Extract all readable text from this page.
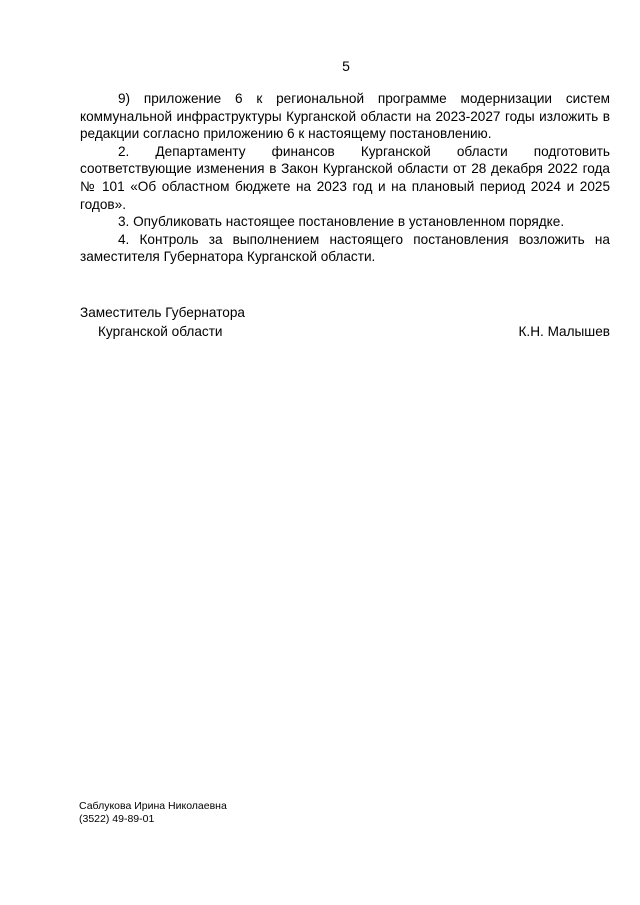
5

9) приложение 6 к региональной программе модернизации систем коммунальной инфраструктуры Курганской области на 2023-2027 годы изложить в редакции согласно приложению 6 к настоящему постановлению.

2. Департаменту финансов Курганской области подготовить соответствующие изменения в Закон Курганской области от 28 декабря 2022 года № 101 «Об областном бюджете на 2023 год и на плановый период 2024 и 2025 годов».

3. Опубликовать настоящее постановление в установленном порядке.

4. Контроль за выполнением настоящего постановления возложить на заместителя Губернатора Курганской области.

Заместитель Губернатора
Курганской области	К.Н. Малышев
Саблукова Ирина Николаевна
(3522) 49-89-01
